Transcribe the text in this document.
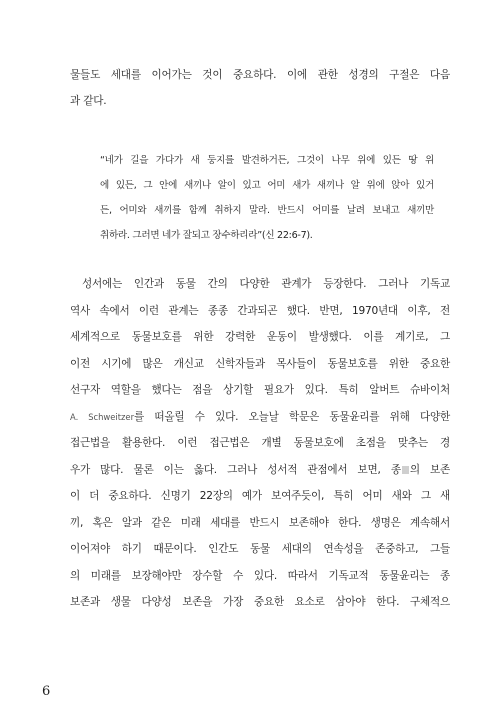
물들도 세대를 이어가는 것이 중요하다. 이에 관한 성경의 구절은 다음
과 같다.

“네가 길을 가다가 새 둥지를 발견하거든, 그것이 나무 위에 있든 땅 위
에 있든, 그 안에 새끼나 알이 있고 어미 새가 새끼나 알 위에 앉아 있거
든, 어미와 새끼를 함께 취하지 말라. 반드시 어미를 날려 보내고 새끼만
취하라. 그러면 네가 잘되고 장수하리라”(신 22:6-7).

성서에는 인간과 동물 간의 다양한 관계가 등장한다. 그러나 기독교
역사 속에서 이런 관계는 종종 간과되곤 했다. 반면, 1970년대 이후, 전
세계적으로 동물보호를 위한 강력한 운동이 발생했다. 이를 계기로, 그
이전 시기에 많은 개신교 신학자들과 목사들이 동물보호를 위한 중요한
선구자 역할을 했다는 점을 상기할 필요가 있다. 특히 알버트 슈바이처
A. Schweitzer를 떠올릴 수 있다. 오늘날 학문은 동물윤리를 위해 다양한
접근법을 활용한다. 이런 접근법은 개별 동물보호에 초점을 맞추는 경
우가 많다. 물론 이는 옳다. 그러나 성서적 관점에서 보면, 종 의 보존
이 더 중요하다. 신명기 22장의 예가 보여주듯이, 특히 어미 새와 그 새
끼, 혹은 알과 같은 미래 세대를 반드시 보존해야 한다. 생명은 계속해서
이어져야 하기 때문이다. 인간도 동물 세대의 연속성을 존중하고, 그들
의 미래를 보장해야만 장수할 수 있다. 따라서 기독교적 동물윤리는 종
보존과 생물 다양성 보존을 가장 중요한 요소로 삼아야 한다. 구체적으

6
